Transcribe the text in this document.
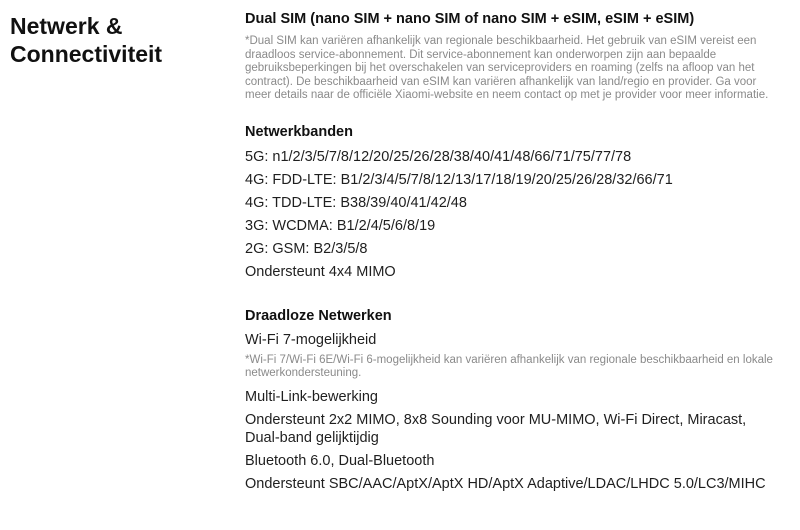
Netwerk & Connectiviteit

Dual SIM (nano SIM + nano SIM of nano SIM + eSIM, eSIM + eSIM)

*Dual SIM kan variëren afhankelijk van regionale beschikbaarheid. Het gebruik van eSIM vereist een draadloos service-abonnement. Dit service-abonnement kan onderworpen zijn aan bepaalde gebruiksbeperkingen bij het overschakelen van serviceproviders en roaming (zelfs na afloop van het contract). De beschikbaarheid van eSIM kan variëren afhankelijk van land/regio en provider. Ga voor meer details naar de officiële Xiaomi-website en neem contact op met je provider voor meer informatie.

Netwerkbanden
5G: n1/2/3/5/7/8/12/20/25/26/28/38/40/41/48/66/71/75/77/78
4G: FDD-LTE: B1/2/3/4/5/7/8/12/13/17/18/19/20/25/26/28/32/66/71
4G: TDD-LTE: B38/39/40/41/42/48
3G: WCDMA: B1/2/4/5/6/8/19
2G: GSM: B2/3/5/8
Ondersteunt 4x4 MIMO
Draadloze Netwerken
Wi-Fi 7-mogelijkheid
*Wi-Fi 7/Wi-Fi 6E/Wi-Fi 6-mogelijkheid kan variëren afhankelijk van regionale beschikbaarheid en lokale netwerkondersteuning.
Multi-Link-bewerking
Ondersteunt 2x2 MIMO, 8x8 Sounding voor MU-MIMO, Wi-Fi Direct, Miracast, Dual-band gelijktijdig
Bluetooth 6.0, Dual-Bluetooth
Ondersteunt SBC/AAC/AptX/AptX HD/AptX Adaptive/LDAC/LHDC 5.0/LC3/MIHC
